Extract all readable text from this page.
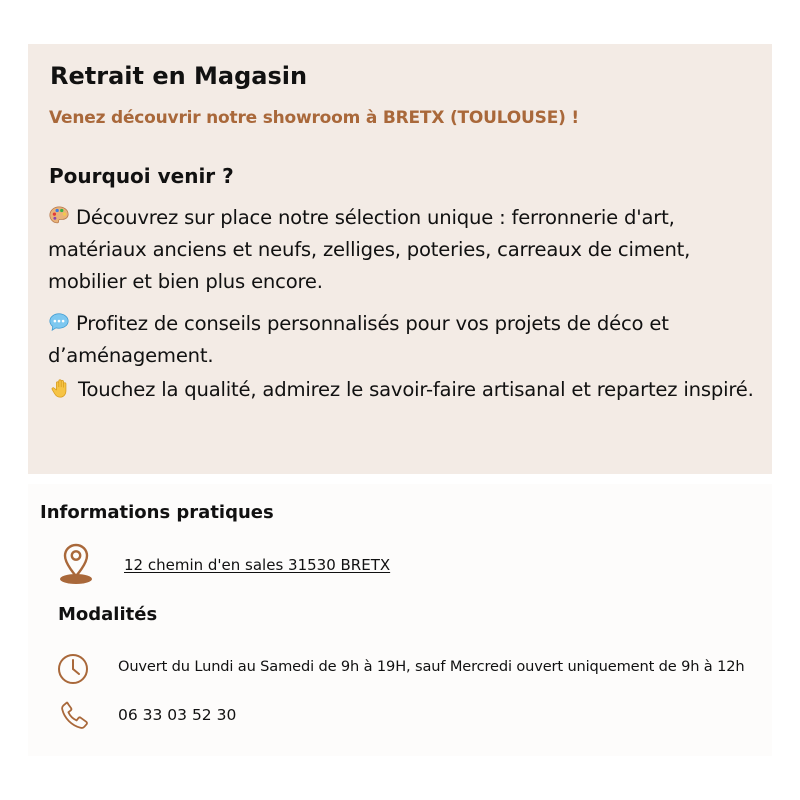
Retrait en Magasin
Venez découvrir notre showroom à BRETX (TOULOUSE) !
Pourquoi venir ?
Découvrez sur place notre sélection unique : ferronnerie d'art, matériaux anciens et neufs, zelliges, poteries, carreaux de ciment, mobilier et bien plus encore.
Profitez de conseils personnalisés pour vos projets de déco et d’aménagement.
Touchez la qualité, admirez le savoir-faire artisanal et repartez inspiré.
Informations pratiques
12 chemin d'en sales 31530 BRETX
Modalités
Ouvert du Lundi au Samedi de 9h à 19H, sauf Mercredi ouvert uniquement de 9h à 12h
06 33 03 52 30
